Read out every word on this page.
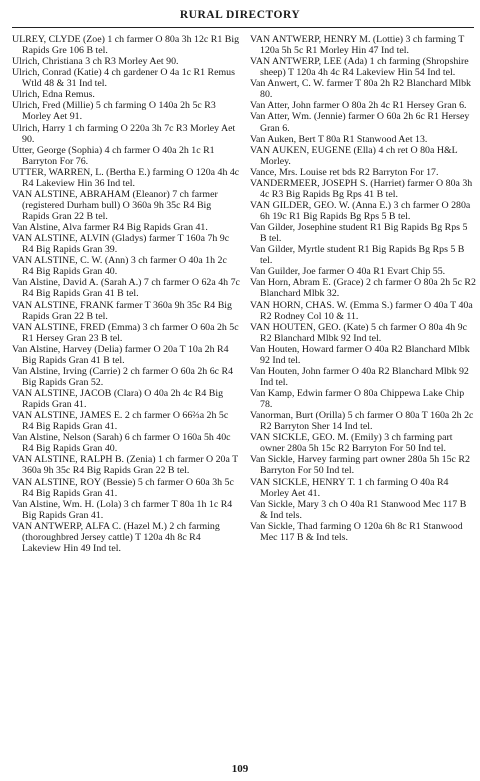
RURAL DIRECTORY
ULREY, CLYDE (Zoe) 1 ch farmer O 80a 3h 12c R1 Big Rapids Gre 106 B tel.
Ulrich, Christiana 3 ch R3 Morley Aet 90.
Ulrich, Conrad (Katie) 4 ch gardener O 4a 1c R1 Remus Wtld 48 & 31 Ind tel.
Ulrich, Edna Remus.
Ulrich, Fred (Millie) 5 ch farming O 140a 2h 5c R3 Morley Aet 91.
Ulrich, Harry 1 ch farming O 220a 3h 7c R3 Morley Aet 90.
Utter, George (Sophia) 4 ch farmer O 40a 2h 1c R1 Barryton For 76.
UTTER, WARREN, L. (Bertha E.) farming O 120a 4h 4c R4 Lakeview Hin 36 Ind tel.
VAN ALSTINE, ABRAHAM (Eleanor) 7 ch farmer (registered Durham bull) O 360a 9h 35c R4 Big Rapids Gran 22 B tel.
Van Alstine, Alva farmer R4 Big Rapids Gran 41.
VAN ALSTINE, ALVIN (Gladys) farmer T 160a 7h 9c R4 Big Rapids Gran 39.
VAN ALSTINE, C. W. (Ann) 3 ch farmer O 40a 1h 2c R4 Big Rapids Gran 40.
Van Alstine, David A. (Sarah A.) 7 ch farmer O 62a 4h 7c R4 Big Rapids Gran 41 B tel.
VAN ALSTINE, FRANK farmer T 360a 9h 35c R4 Big Rapids Gran 22 B tel.
VAN ALSTINE, FRED (Emma) 3 ch farmer O 60a 2h 5c R1 Hersey Gran 23 B tel.
Van Alstine, Harvey (Delia) farmer O 20a T 10a 2h R4 Big Rapids Gran 41 B tel.
Van Alstine, Irving (Carrie) 2 ch farmer O 60a 2h 6c R4 Big Rapids Gran 52.
VAN ALSTINE, JACOB (Clara) O 40a 2h 4c R4 Big Rapids Gran 41.
VAN ALSTINE, JAMES E. 2 ch farmer O 66⅔a 2h 5c R4 Big Rapids Gran 41.
Van Alstine, Nelson (Sarah) 6 ch farmer O 160a 5h 40c R4 Big Rapids Gran 40.
VAN ALSTINE, RALPH B. (Zenia) 1 ch farmer O 20a T 360a 9h 35c R4 Big Rapids Gran 22 B tel.
VAN ALSTINE, ROY (Bessie) 5 ch farmer O 60a 3h 5c R4 Big Rapids Gran 41.
Van Alstine, Wm. H. (Lola) 3 ch farmer T 80a 1h 1c R4 Big Rapids Gran 41.
VAN ANTWERP, ALFA C. (Hazel M.) 2 ch farming (thoroughbred Jersey cattle) T 120a 4h 8c R4 Lakeview Hin 49 Ind tel.
VAN ANTWERP, HENRY M. (Lottie) 3 ch farming T 120a 5h 5c R1 Morley Hin 47 Ind tel.
VAN ANTWERP, LEE (Ada) 1 ch farming (Shropshire sheep) T 120a 4h 4c R4 Lakeview Hin 54 Ind tel.
Van Anwert, C. W. farmer T 80a 2h R2 Blanchard Mlbk 80.
Van Atter, John farmer O 80a 2h 4c R1 Hersey Gran 6.
Van Atter, Wm. (Jennie) farmer O 60a 2h 6c R1 Hersey Gran 6.
Van Auken, Bert T 80a R1 Stanwood Aet 13.
VAN AUKEN, EUGENE (Ella) 4 ch ret O 80a H&L Morley.
Vance, Mrs. Louise ret bds R2 Barryton For 17.
VANDERMEER, JOSEPH S. (Harriet) farmer O 80a 3h 4c R3 Big Rapids Bg Rps 41 B tel.
VAN GILDER, GEO. W. (Anna E.) 3 ch farmer O 280a 6h 19c R1 Big Rapids Bg Rps 5 B tel.
Van Gilder, Josephine student R1 Big Rapids Bg Rps 5 B tel.
Van Gilder, Myrtle student R1 Big Rapids Bg Rps 5 B tel.
Van Guilder, Joe farmer O 40a R1 Evart Chip 55.
Van Horn, Abram E. (Grace) 2 ch farmer O 80a 2h 5c R2 Blanchard Mlbk 32.
VAN HORN, CHAS. W. (Emma S.) farmer O 40a T 40a R2 Rodney Col 10 & 11.
VAN HOUTEN, GEO. (Kate) 5 ch farmer O 80a 4h 9c R2 Blanchard Mlbk 92 Ind tel.
Van Houten, Howard farmer O 40a R2 Blanchard Mlbk 92 Ind tel.
Van Houten, John farmer O 40a R2 Blanchard Mlbk 92 Ind tel.
Van Kamp, Edwin farmer O 80a Chippewa Lake Chip 78.
Vanorman, Burt (Orilla) 5 ch farmer O 80a T 160a 2h 2c R2 Barryton Sher 14 Ind tel.
VAN SICKLE, GEO. M. (Emily) 3 ch farming part owner 280a 5h 15c R2 Barryton For 50 Ind tel.
Van Sickle, Harvey farming part owner 280a 5h 15c R2 Barryton For 50 Ind tel.
VAN SICKLE, HENRY T. 1 ch farming O 40a R4 Morley Aet 41.
Van Sickle, Mary 3 ch O 40a R1 Stanwood Mec 117 B & Ind tels.
Van Sickle, Thad farming O 120a 6h 8c R1 Stanwood Mec 117 B & Ind tels.
109
